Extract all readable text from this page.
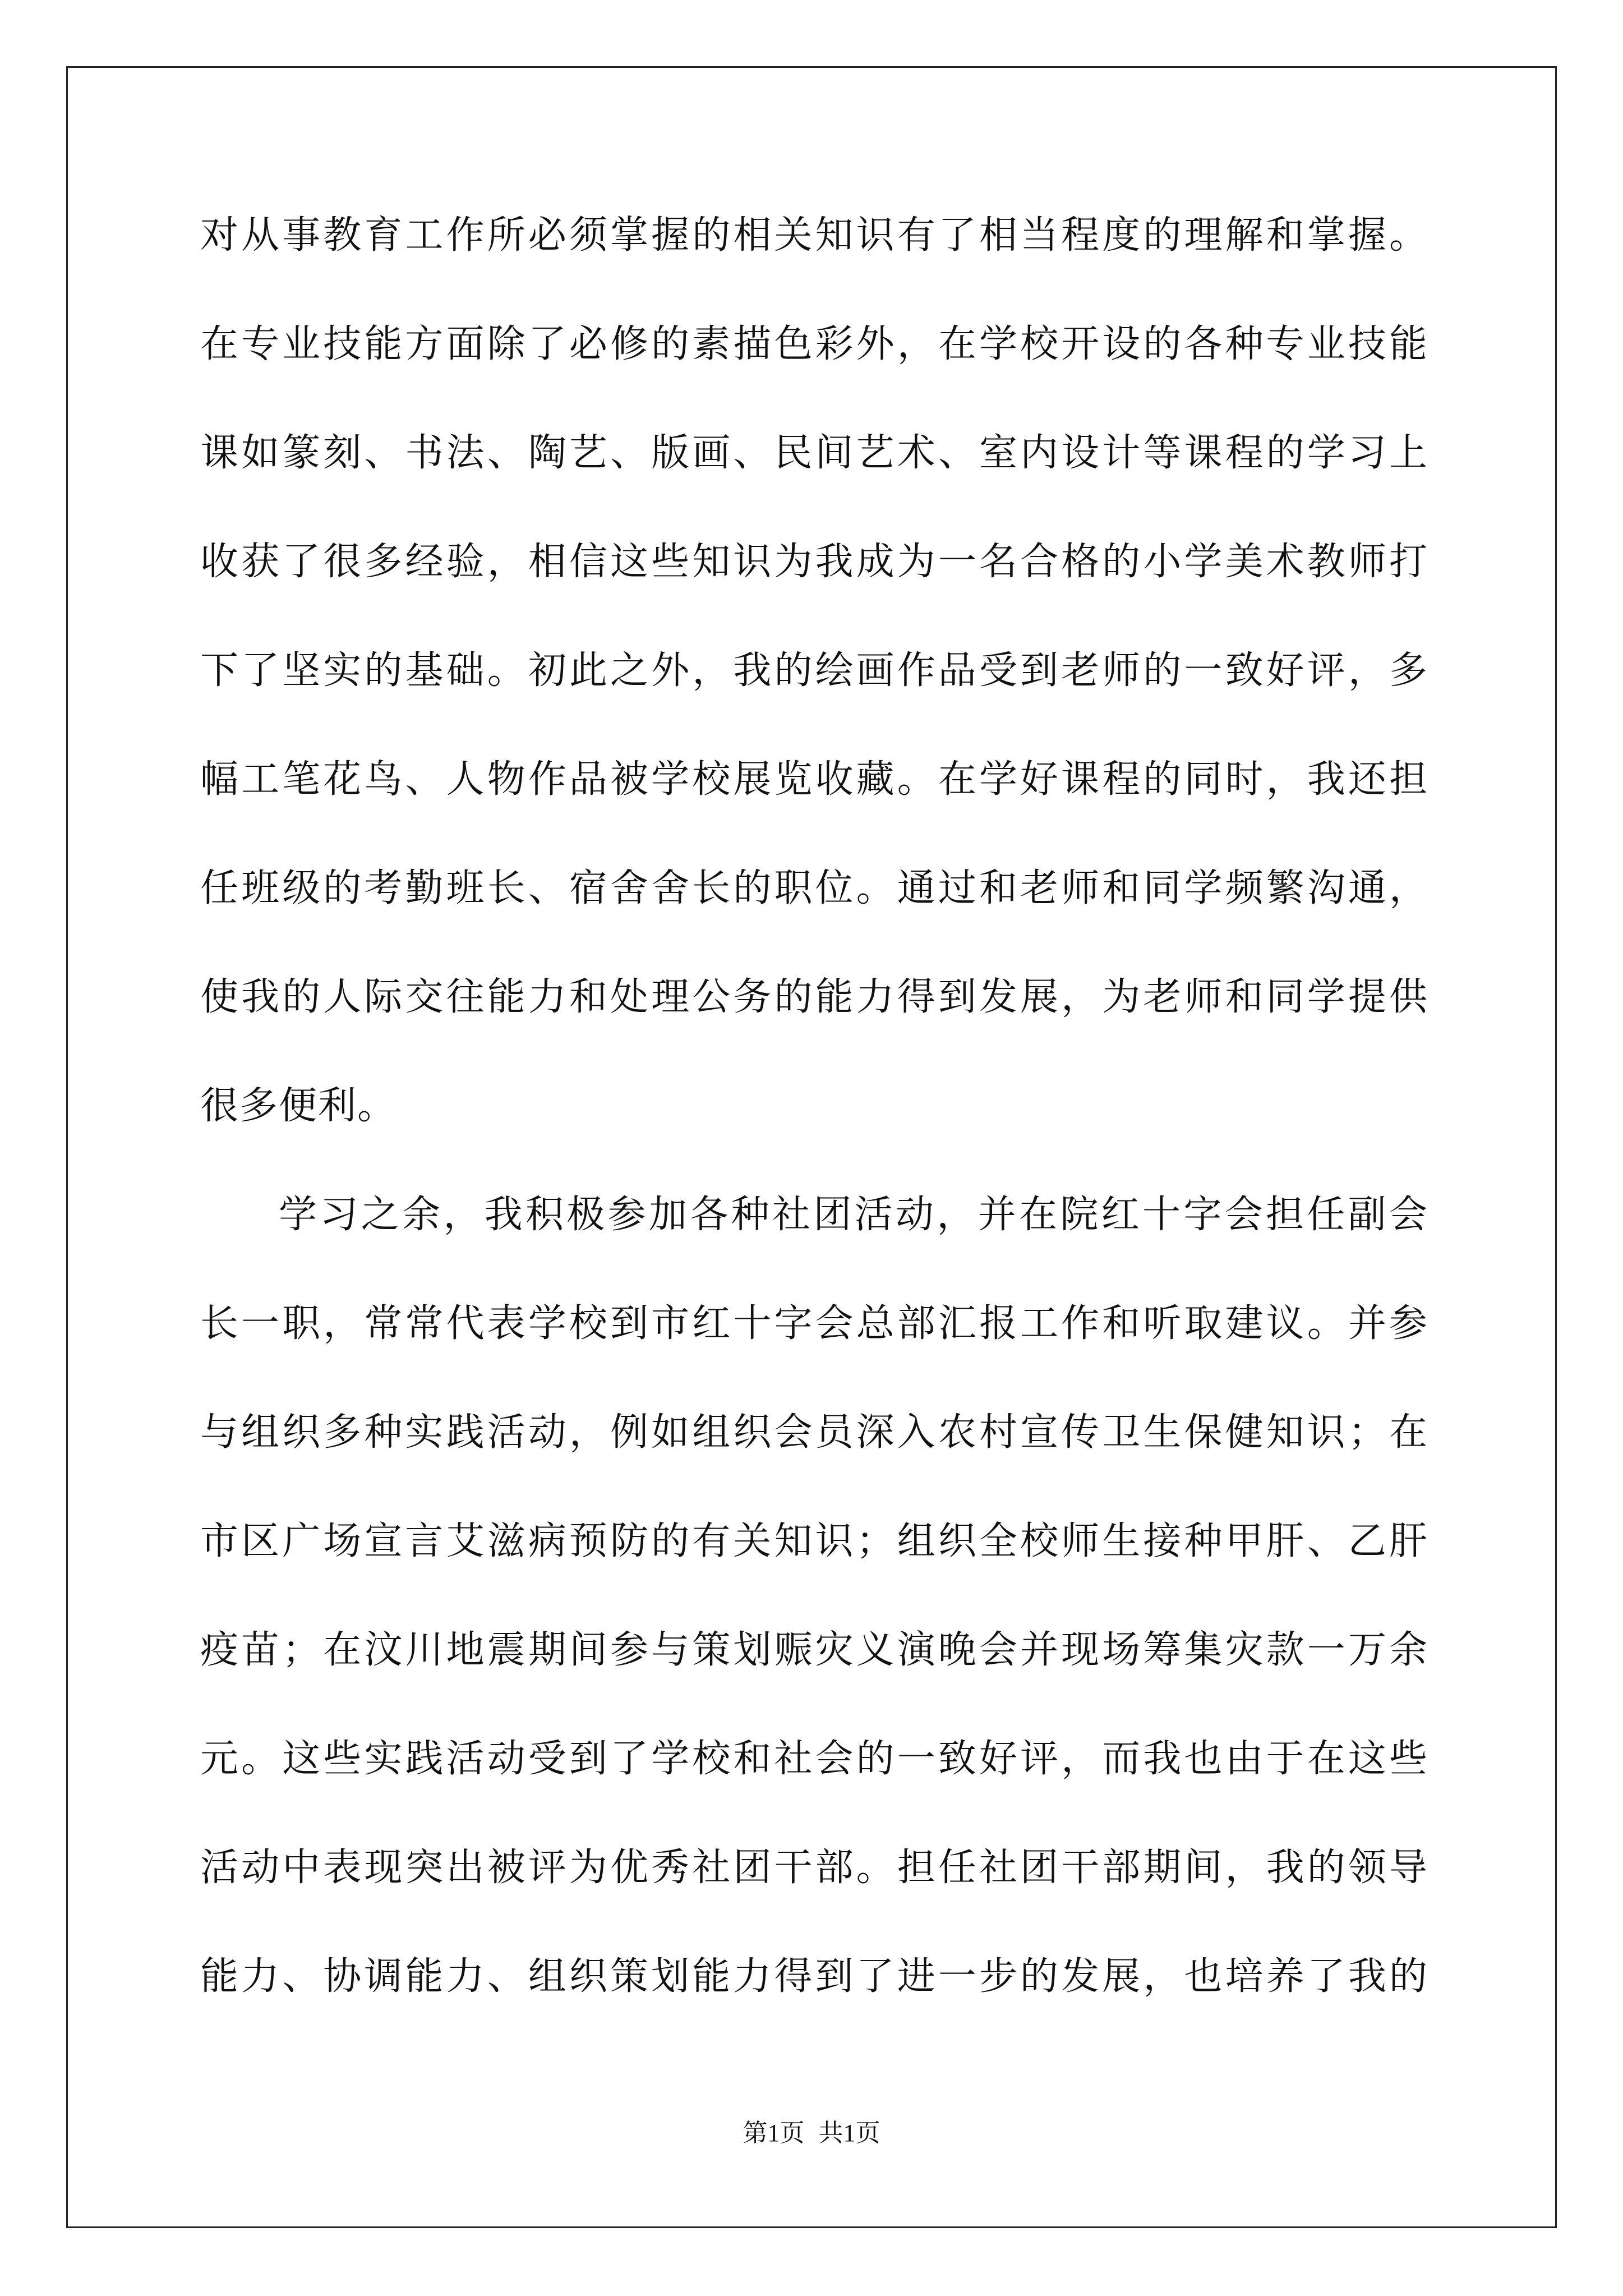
对从事教育工作所必须掌握的相关知识有了相当程度的理解和掌握。
在专业技能方面除了必修的素描色彩外，在学校开设的各种专业技能
课如篆刻、书法、陶艺、版画、民间艺术、室内设计等课程的学习上
收获了很多经验，相信这些知识为我成为一名合格的小学美术教师打
下了坚实的基础。初此之外，我的绘画作品受到老师的一致好评，多
幅工笔花鸟、人物作品被学校展览收藏。在学好课程的同时，我还担
任班级的考勤班长、宿舍舍长的职位。通过和老师和同学频繁沟通，
使我的人际交往能力和处理公务的能力得到发展，为老师和同学提供
很多便利。
学习之余，我积极参加各种社团活动，并在院红十字会担任副会
长一职，常常代表学校到市红十字会总部汇报工作和听取建议。并参
与组织多种实践活动，例如组织会员深入农村宣传卫生保健知识；在
市区广场宣言艾滋病预防的有关知识；组织全校师生接种甲肝、乙肝
疫苗；在汶川地震期间参与策划赈灾义演晚会并现场筹集灾款一万余
元。这些实践活动受到了学校和社会的一致好评，而我也由于在这些
活动中表现突出被评为优秀社团干部。担任社团干部期间，我的领导
能力、协调能力、组织策划能力得到了进一步的发展，也培养了我的
第1页 共1页
